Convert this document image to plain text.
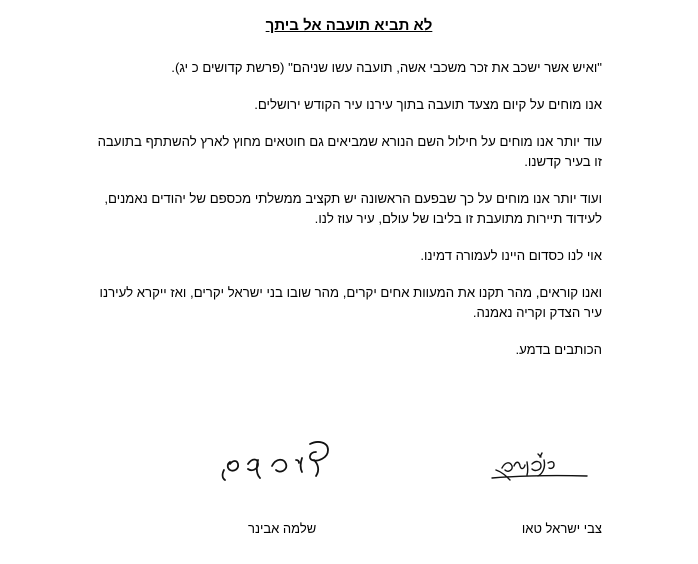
לא תביא תועבה אל ביתך

"ואיש אשר ישכב את זכר משכבי אשה, תועבה עשו שניהם" (פרשת קדושים כ יג).

אנו מוחים על קיום מצעד תועבה בתוך עירנו עיר הקודש ירושלים.

עוד יותר אנו מוחים על חילול השם הנורא שמביאים גם חוטאים מחוץ לארץ להשתתף בתועבה זו בעיר קדשנו.

ועוד יותר אנו מוחים על כך שבפעם הראשונה יש תקציב ממשלתי מכספם של יהודים נאמנים, לעידוד תיירות מתועבת זו בליבו של עולם, עיר עוז לנו.

אוי לנו כסדום היינו לעמורה דמינו.

ואנו קוראים, מהר תקנו את המעוות אחים יקרים, מהר שובו בני ישראל יקרים, ואז ייקרא לעירנו עיר הצדק וקריה נאמנה.

הכותבים בדמע.

צבי ישראל טאו
שלמה אבינר
